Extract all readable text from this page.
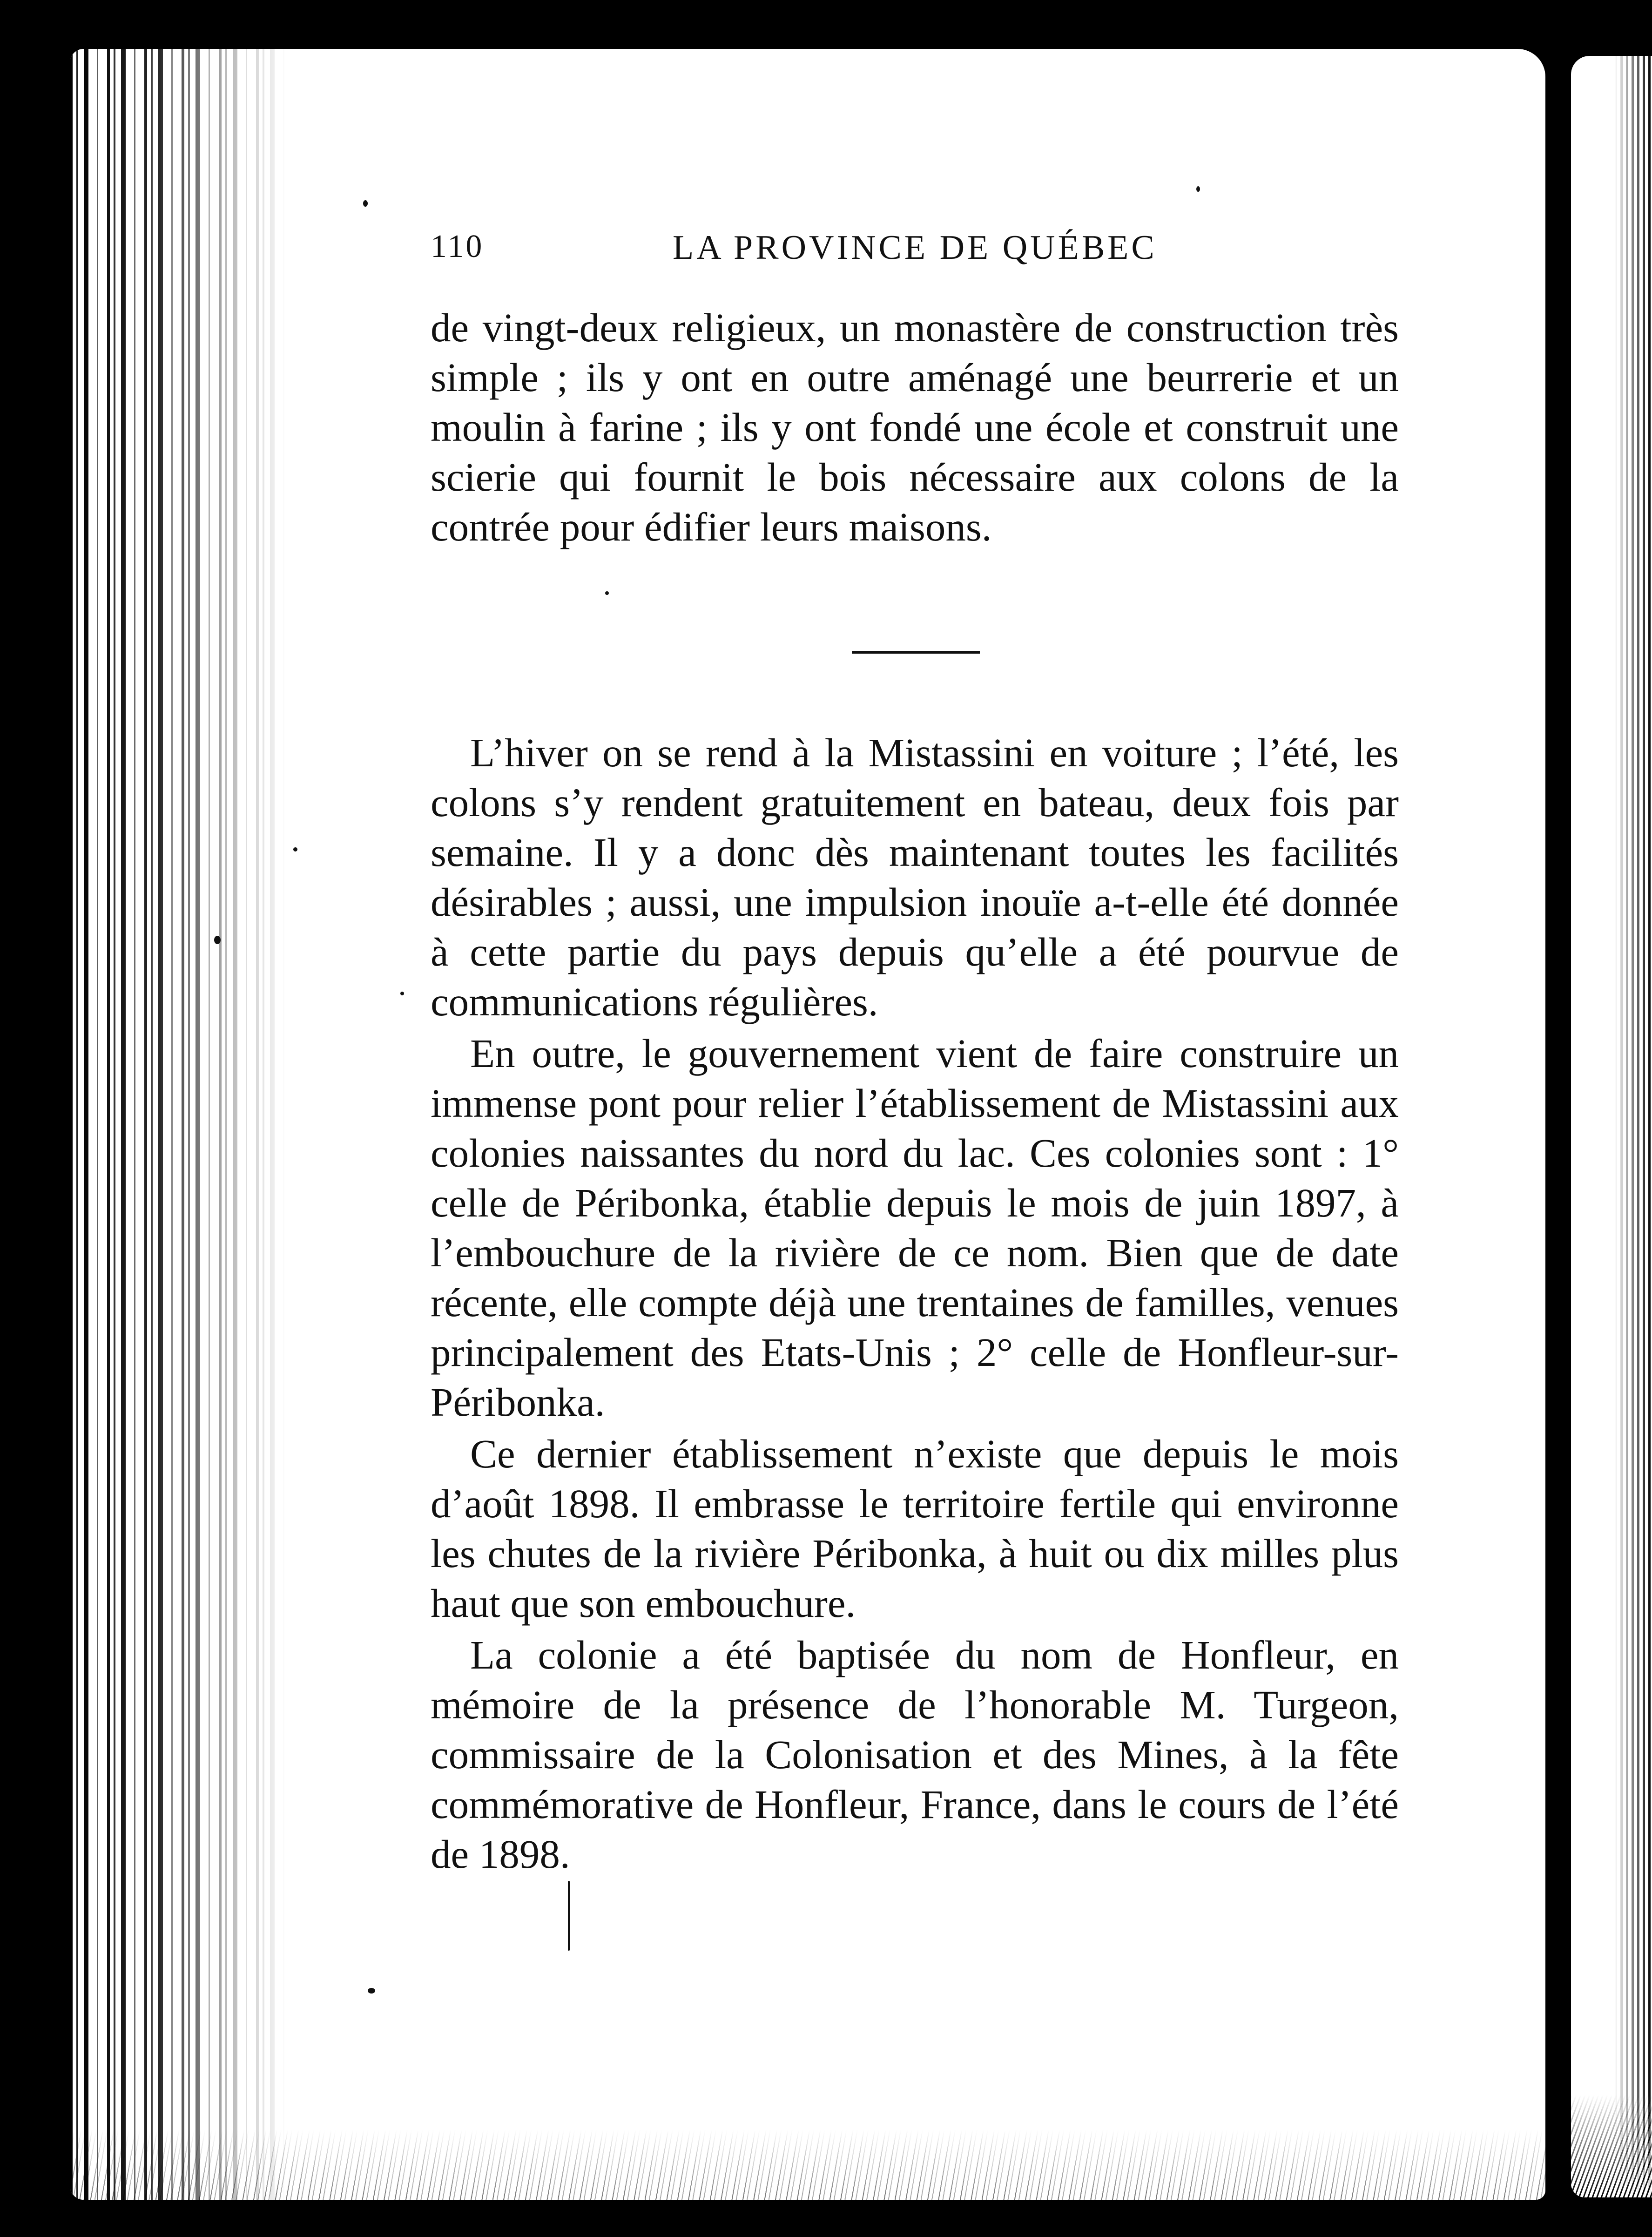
110	LA PROVINCE DE QUÉBEC

de vingt-deux religieux, un monastère de construction très simple ; ils y ont en outre aménagé une beurrerie et un moulin à farine ; ils y ont fondé une école et construit une scierie qui fournit le bois nécessaire aux colons de la contrée pour édifier leurs maisons.

L’hiver on se rend à la Mistassini en voiture ; l’été, les colons s’y rendent gratuitement en bateau, deux fois par semaine. Il y a donc dès maintenant toutes les facilités désirables ; aussi, une impulsion inouïe a-t-elle été donnée à cette partie du pays depuis qu’elle a été pourvue de communications régulières.

En outre, le gouvernement vient de faire construire un immense pont pour relier l’établissement de Mistassini aux colonies naissantes du nord du lac. Ces colonies sont : 1° celle de Péribonka, établie depuis le mois de juin 1897, à l’embouchure de la rivière de ce nom. Bien que de date récente, elle compte déjà une trentaines de familles, venues principalement des Etats-Unis ; 2° celle de Honfleur-sur-Péribonka.

Ce dernier établissement n’existe que depuis le mois d’août 1898. Il embrasse le territoire fertile qui environne les chutes de la rivière Péribonka, à huit ou dix milles plus haut que son embouchure.

La colonie a été baptisée du nom de Honfleur, en mémoire de la présence de l’honorable M. Turgeon, commissaire de la Colonisation et des Mines, à la fête commémorative de Honfleur, France, dans le cours de l’été de 1898.
